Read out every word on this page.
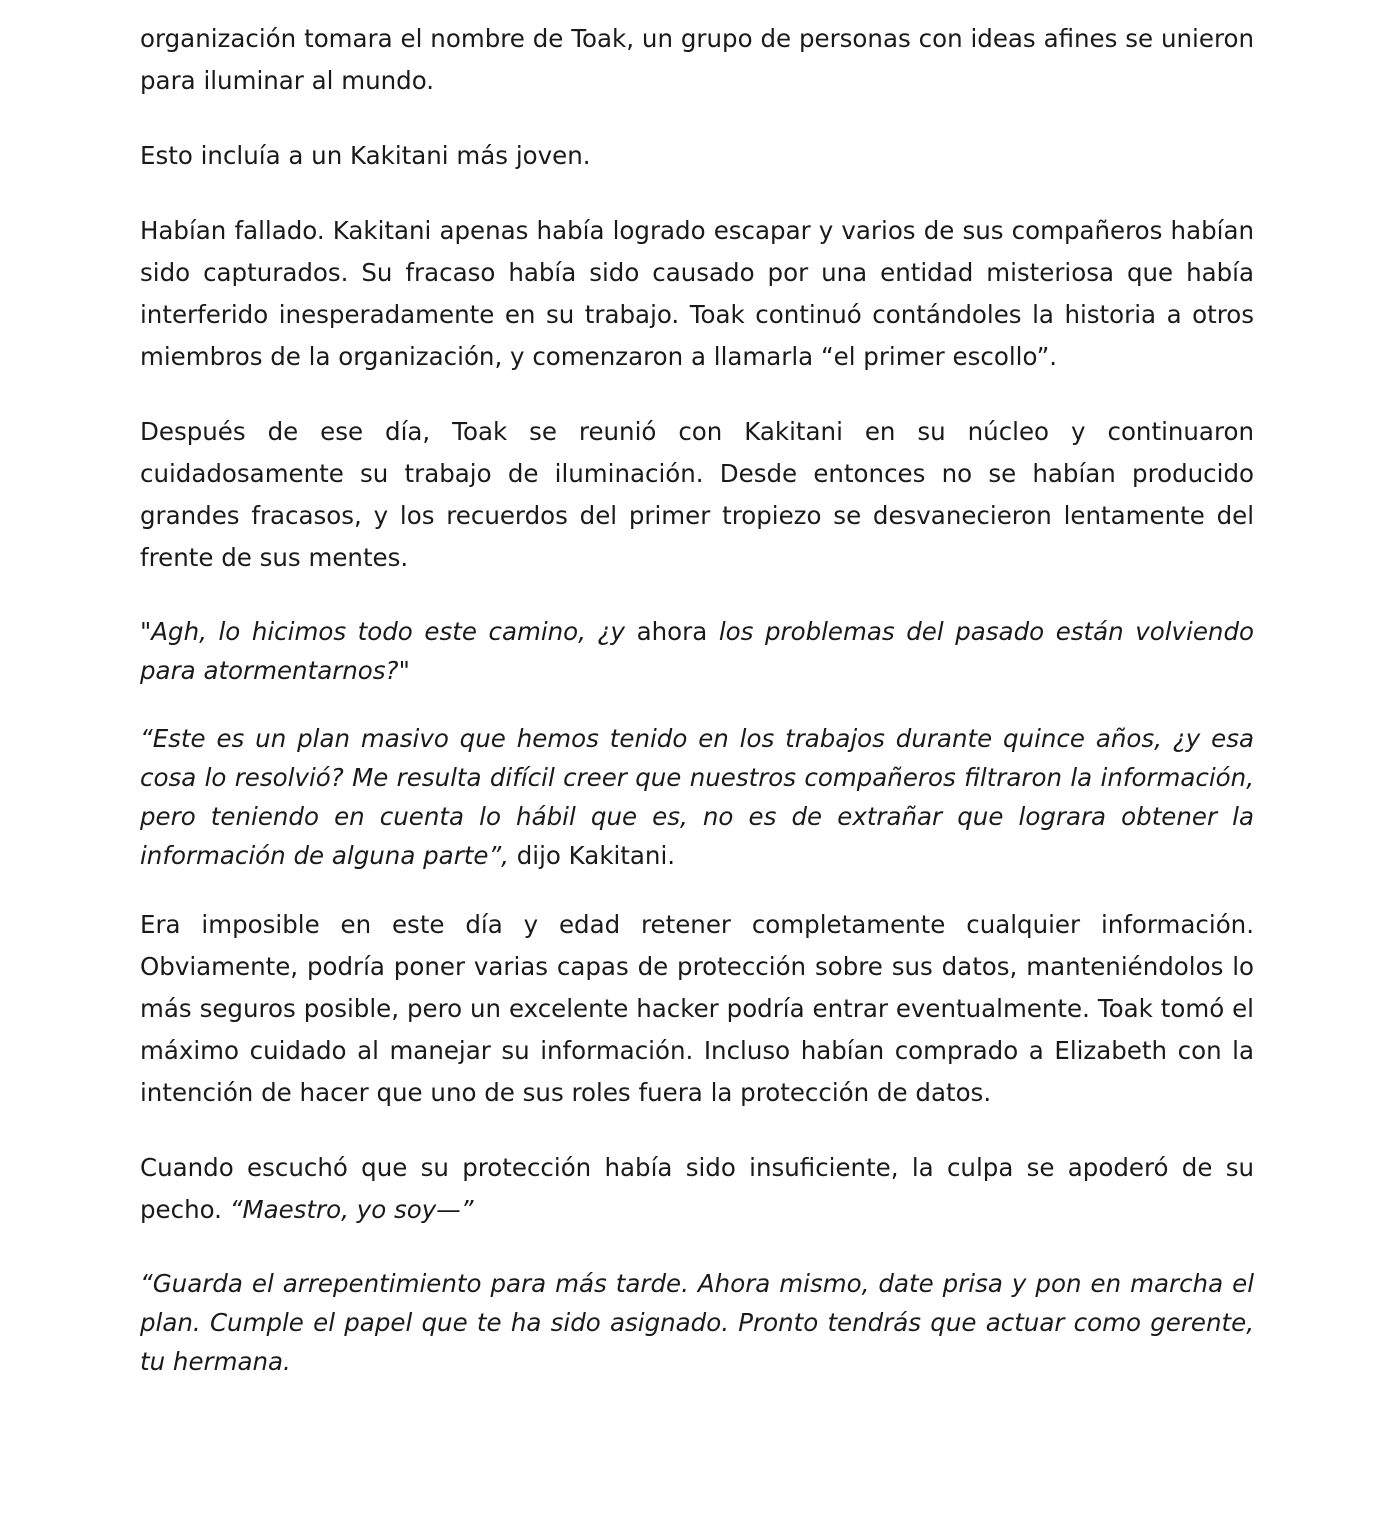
organización tomara el nombre de Toak, un grupo de personas con ideas afines se unieron para iluminar al mundo.

Esto incluía a un Kakitani más joven.

Habían fallado. Kakitani apenas había logrado escapar y varios de sus compañeros habían sido capturados. Su fracaso había sido causado por una entidad misteriosa que había interferido inesperadamente en su trabajo. Toak continuó contándoles la historia a otros miembros de la organización, y comenzaron a llamarla “el primer escollo”.

Después de ese día, Toak se reunió con Kakitani en su núcleo y continuaron cuidadosamente su trabajo de iluminación. Desde entonces no se habían producido grandes fracasos, y los recuerdos del primer tropiezo se desvanecieron lentamente del frente de sus mentes.

"Agh, lo hicimos todo este camino, ¿y ahora los problemas del pasado están volviendo para atormentarnos?"

“Este es un plan masivo que hemos tenido en los trabajos durante quince años, ¿y esa cosa lo resolvió? Me resulta difícil creer que nuestros compañeros filtraron la información, pero teniendo en cuenta lo hábil que es, no es de extrañar que lograra obtener la información de alguna parte”, dijo Kakitani.

Era imposible en este día y edad retener completamente cualquier información. Obviamente, podría poner varias capas de protección sobre sus datos, manteniéndolos lo más seguros posible, pero un excelente hacker podría entrar eventualmente. Toak tomó el máximo cuidado al manejar su información. Incluso habían comprado a Elizabeth con la intención de hacer que uno de sus roles fuera la protección de datos.

Cuando escuchó que su protección había sido insuficiente, la culpa se apoderó de su pecho. “Maestro, yo soy—”

“Guarda el arrepentimiento para más tarde. Ahora mismo, date prisa y pon en marcha el plan. Cumple el papel que te ha sido asignado. Pronto tendrás que actuar como gerente, tu hermana.
